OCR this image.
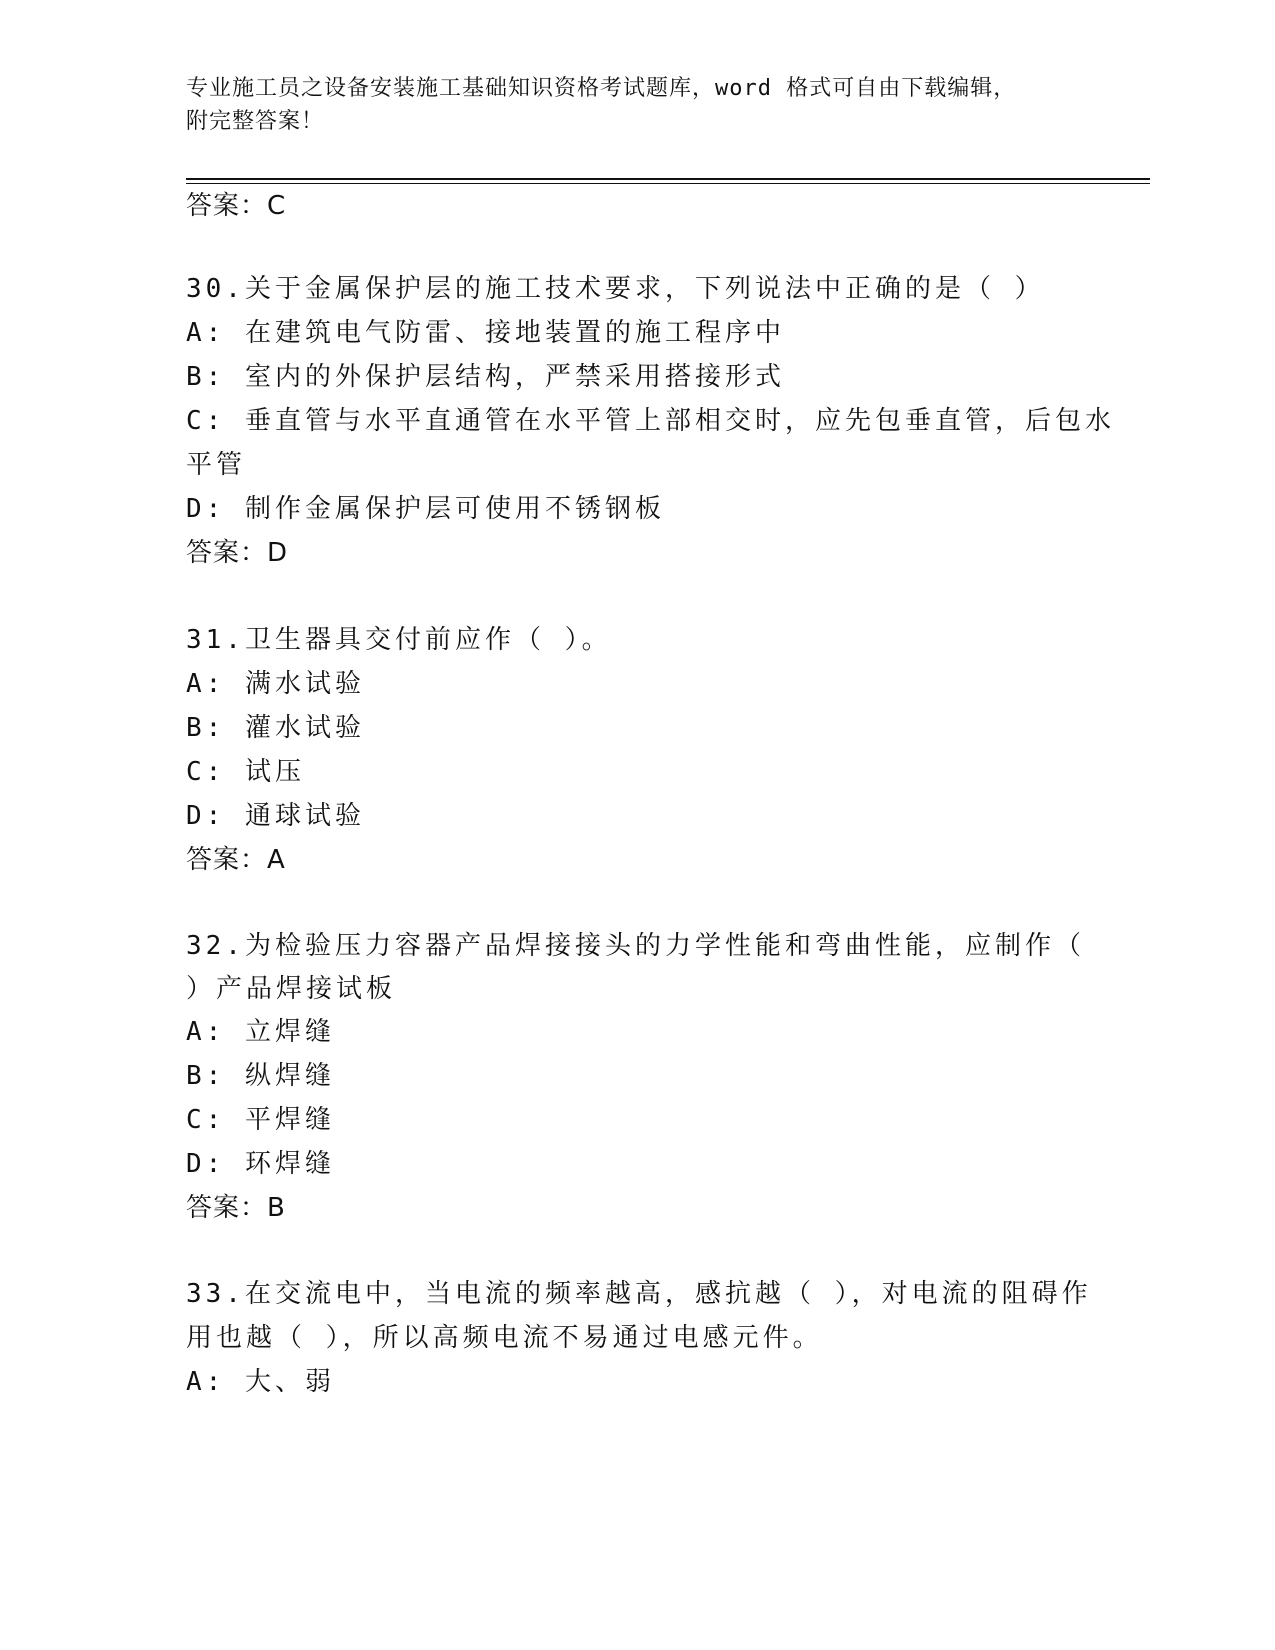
专业施工员之设备安装施工基础知识资格考试题库，word 格式可自由下载编辑，
附完整答案！
答案：C
30.关于金属保护层的施工技术要求，下列说法中正确的是（ ）
A: 在建筑电气防雷、接地装置的施工程序中
B: 室内的外保护层结构，严禁采用搭接形式
C: 垂直管与水平直通管在水平管上部相交时，应先包垂直管，后包水
平管
D: 制作金属保护层可使用不锈钢板
答案：D
31.卫生器具交付前应作（ ）。
A: 满水试验
B: 灌水试验
C: 试压
D: 通球试验
答案：A
32.为检验压力容器产品焊接接头的力学性能和弯曲性能，应制作（
）产品焊接试板
A: 立焊缝
B: 纵焊缝
C: 平焊缝
D: 环焊缝
答案：B
33.在交流电中，当电流的频率越高，感抗越（ ），对电流的阻碍作
用也越（ ），所以高频电流不易通过电感元件。
A: 大、弱
